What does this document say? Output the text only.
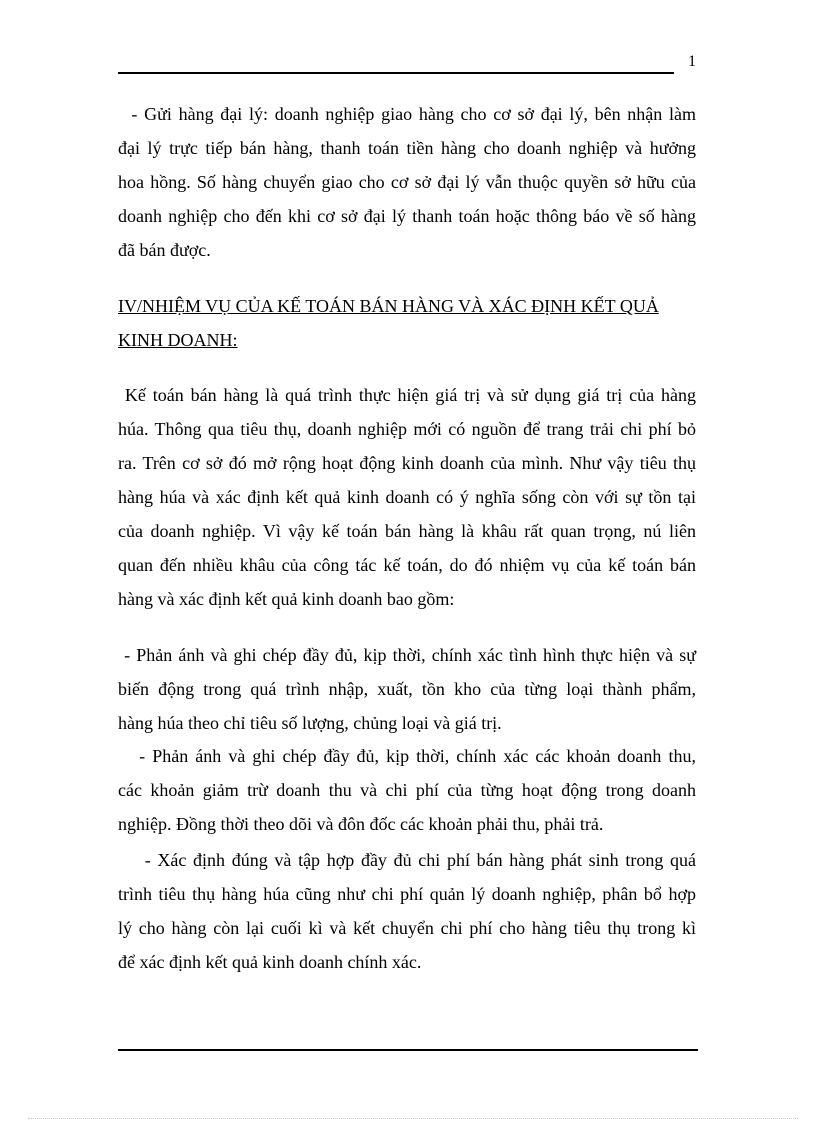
1
- Gửi hàng đại lý: doanh nghiệp giao hàng cho cơ sở đại lý, bên nhận làm
đại lý trực tiếp bán hàng, thanh toán tiền hàng cho doanh nghiệp và hưởng
hoa hồng. Số hàng chuyển giao cho cơ sở đại lý vẫn thuộc quyền sở hữu của
doanh nghiệp cho đến khi cơ sở đại lý thanh toán hoặc thông báo về số hàng
đã bán được.
IV/NHIỆM VỤ CỦA KẾ TOÁN BÁN HÀNG VÀ XÁC ĐỊNH KẾT QUẢ
KINH DOANH:
Kế toán bán hàng là quá trình thực hiện giá trị và sử dụng giá trị của hàng
húa. Thông qua tiêu thụ, doanh nghiệp mới có nguồn để trang trải chi phí bỏ
ra. Trên cơ sở đó mở rộng hoạt động kinh doanh của mình. Như vậy tiêu thụ
hàng húa và xác định kết quả kinh doanh có ý nghĩa sống còn với sự tồn tại
của doanh nghiệp. Vì vậy kế toán bán hàng là khâu rất quan trọng, nú liên
quan đến nhiều khâu của công tác kế toán, do đó nhiệm vụ của kế toán bán
hàng và xác định kết quả kinh doanh bao gồm:
- Phản ánh và ghi chép đầy đủ, kịp thời, chính xác tình hình thực hiện và sự
biến động trong quá trình nhập, xuất, tồn kho của từng loại thành phẩm,
hàng húa theo chỉ tiêu số lượng, chủng loại và giá trị.
- Phản ánh và ghi chép đầy đủ, kịp thời, chính xác các khoản doanh thu,
các khoản giảm trừ doanh thu và chi phí của từng hoạt động trong doanh
nghiệp. Đồng thời theo dõi và đôn đốc các khoản phải thu, phải trả.
- Xác định đúng và tập hợp đầy đủ chi phí bán hàng phát sinh trong quá
trình tiêu thụ hàng húa cũng như chi phí quản lý doanh nghiệp, phân bổ hợp
lý cho hàng còn lại cuối kì và kết chuyển chi phí cho hàng tiêu thụ trong kì
để xác định kết quả kinh doanh chính xác.
